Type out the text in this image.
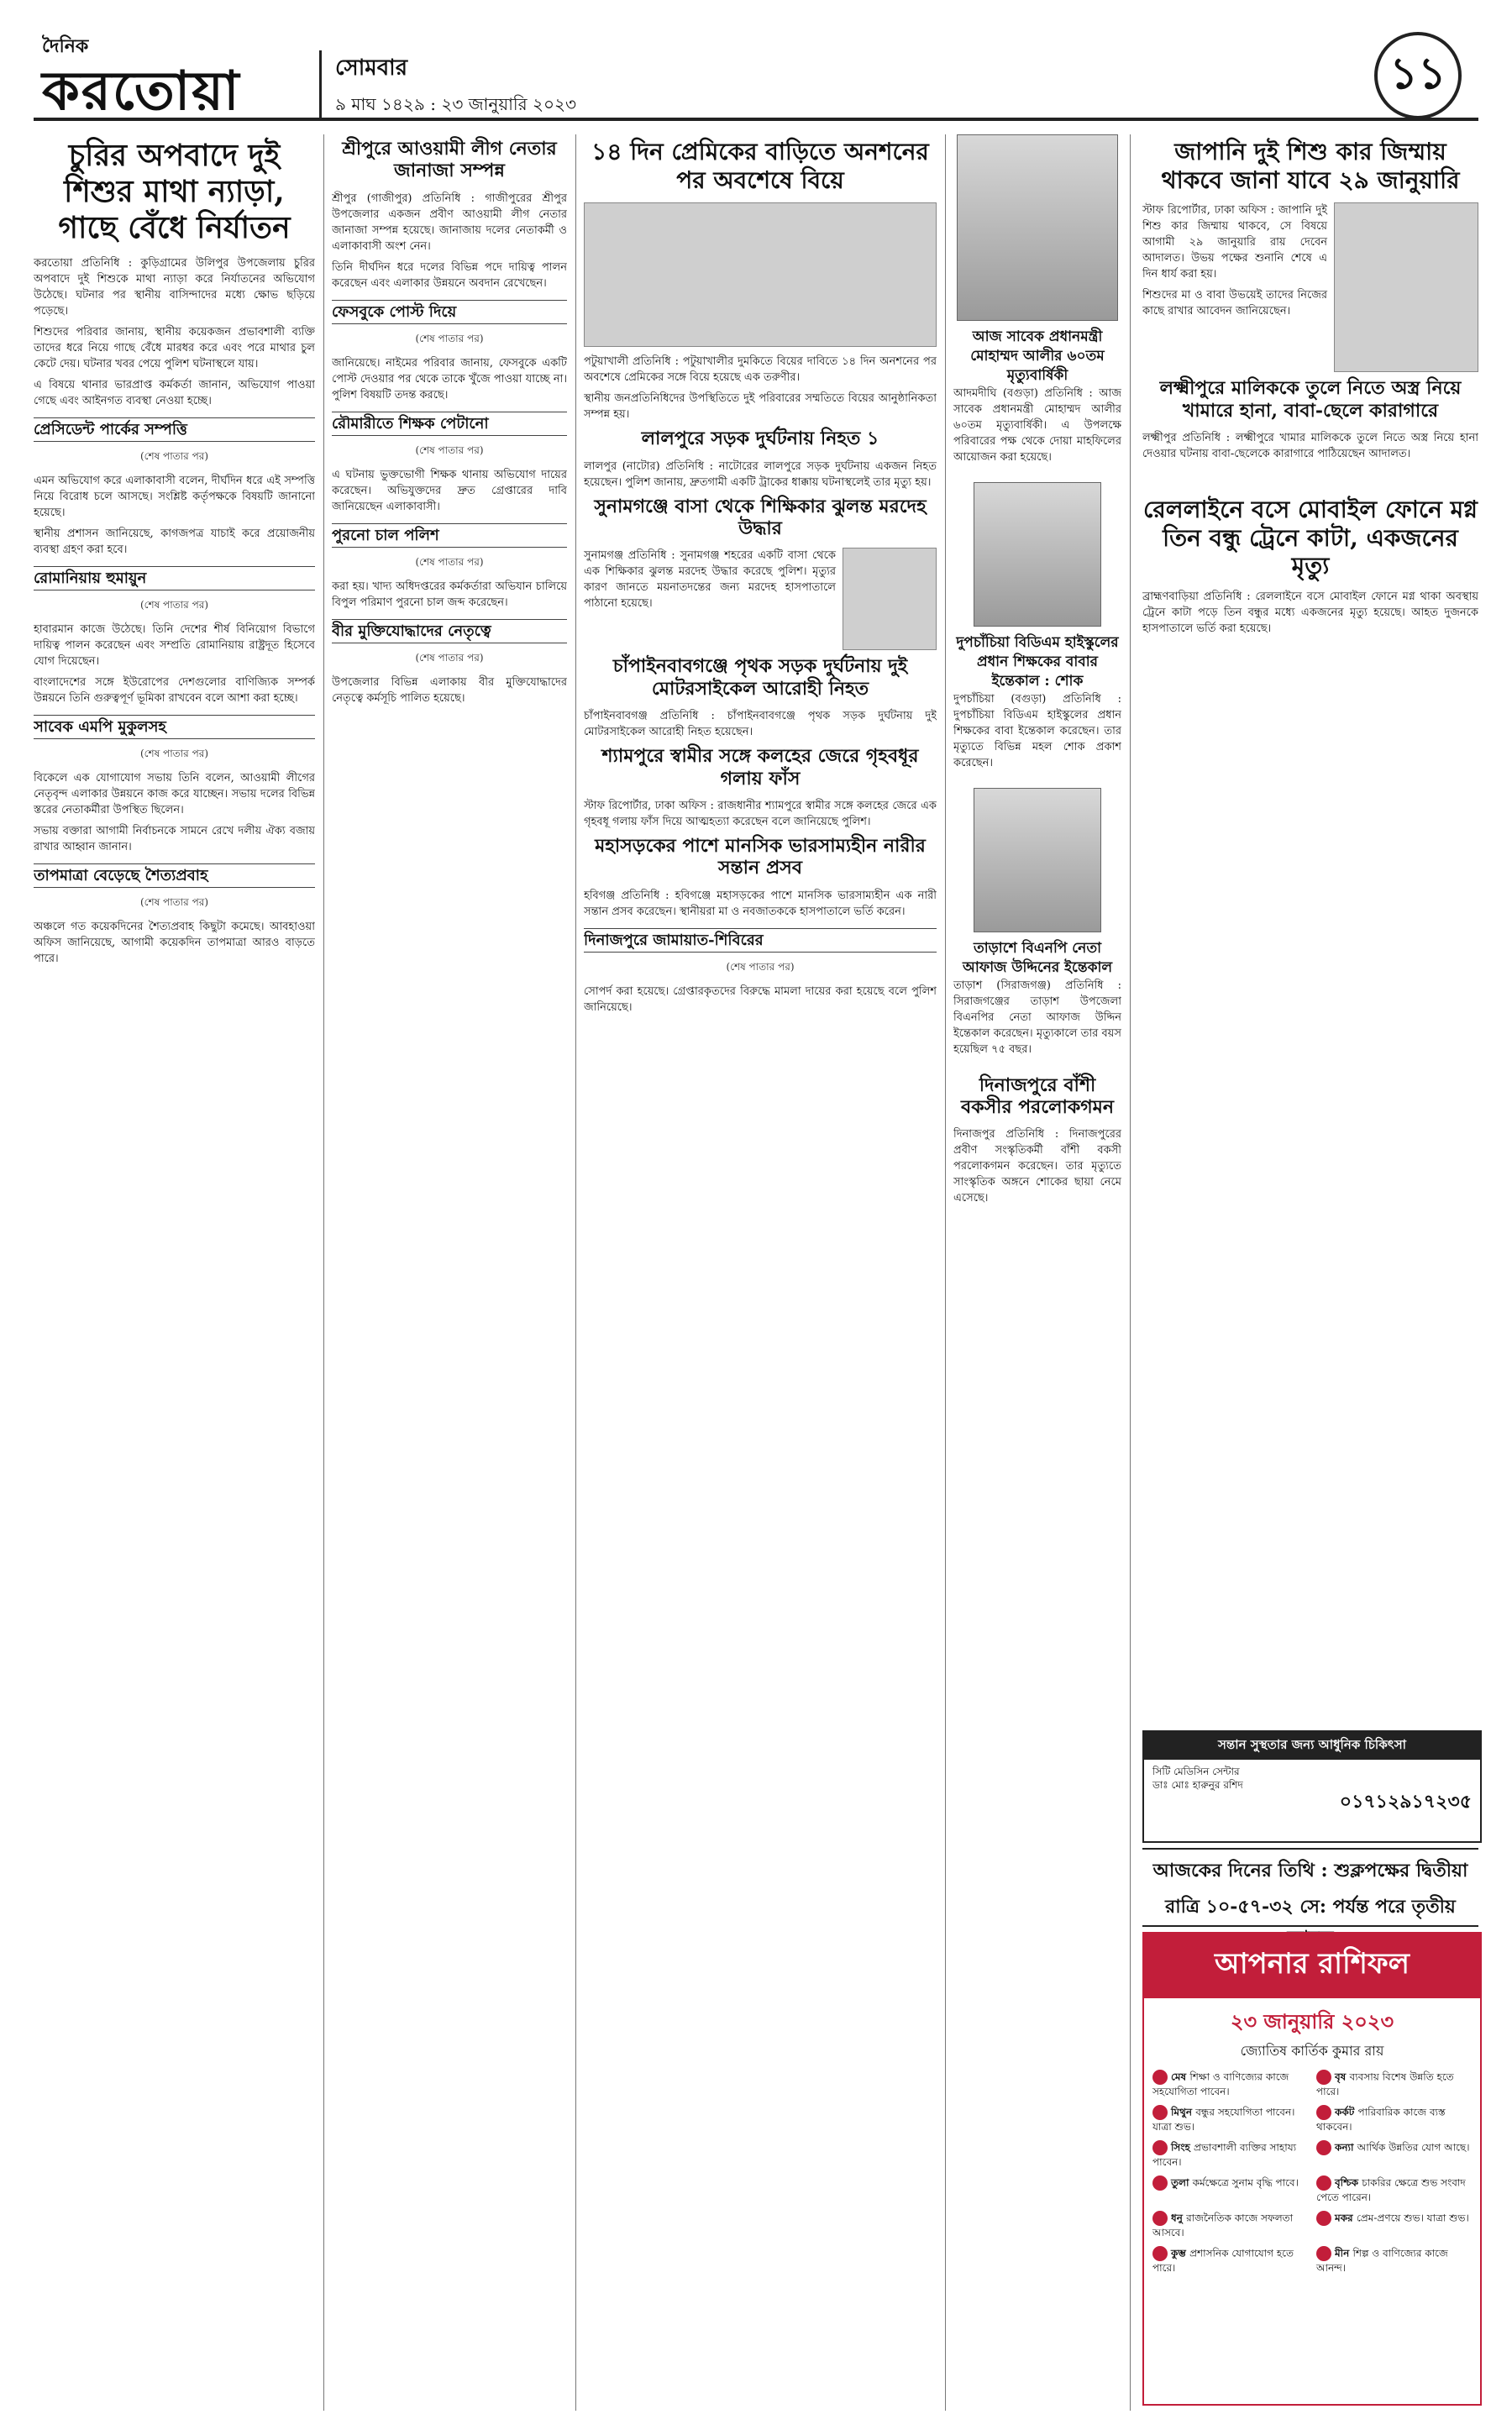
দৈনিক
করতোয়া	সোমবার
৯ মাঘ ১৪২৯ : ২৩ জানুয়ারি ২০২৩
১১
চুরির অপবাদে দুই শিশুর মাথা ন্যাড়া, গাছে বেঁধে নির্যাতন

করতোয়া প্রতিনিধি : কুড়িগ্রামের উলিপুর উপজেলায় চুরির অপবাদে দুই শিশুকে মাথা ন্যাড়া করে নির্যাতনের অভিযোগ উঠেছে। ঘটনার পর স্থানীয় বাসিন্দাদের মধ্যে ক্ষোভ ছড়িয়ে পড়েছে।

শিশুদের পরিবার জানায়, স্থানীয় কয়েকজন প্রভাবশালী ব্যক্তি তাদের ধরে নিয়ে গাছে বেঁধে মারধর করে এবং পরে মাথার চুল কেটে দেয়। ঘটনার খবর পেয়ে পুলিশ ঘটনাস্থলে যায়।

এ বিষয়ে থানার ভারপ্রাপ্ত কর্মকর্তা জানান, অভিযোগ পাওয়া গেছে এবং আইনগত ব্যবস্থা নেওয়া হচ্ছে।

প্রেসিডেন্ট পার্কের সম্পত্তি
(শেষ পাতার পর)

এমন অভিযোগ করে এলাকাবাসী বলেন, দীর্ঘদিন ধরে এই সম্পত্তি নিয়ে বিরোধ চলে আসছে। সংশ্লিষ্ট কর্তৃপক্ষকে বিষয়টি জানানো হয়েছে।

স্থানীয় প্রশাসন জানিয়েছে, কাগজপত্র যাচাই করে প্রয়োজনীয় ব্যবস্থা গ্রহণ করা হবে।

রোমানিয়ায় হুমায়ুন
(শেষ পাতার পর)

হাবারমান কাজে উঠেছে। তিনি দেশের শীর্ষ বিনিয়োগ বিভাগে দায়িত্ব পালন করেছেন এবং সম্প্রতি রোমানিয়ায় রাষ্ট্রদূত হিসেবে যোগ দিয়েছেন।

বাংলাদেশের সঙ্গে ইউরোপের দেশগুলোর বাণিজ্যিক সম্পর্ক উন্নয়নে তিনি গুরুত্বপূর্ণ ভূমিকা রাখবেন বলে আশা করা হচ্ছে।

সাবেক এমপি মুকুলসহ
(শেষ পাতার পর)

বিকেলে এক যোগাযোগ সভায় তিনি বলেন, আওয়ামী লীগের নেতৃবৃন্দ এলাকার উন্নয়নে কাজ করে যাচ্ছেন। সভায় দলের বিভিন্ন স্তরের নেতাকর্মীরা উপস্থিত ছিলেন।

সভায় বক্তারা আগামী নির্বাচনকে সামনে রেখে দলীয় ঐক্য বজায় রাখার আহ্বান জানান।

তাপমাত্রা বেড়েছে শৈত্যপ্রবাহ
(শেষ পাতার পর)

অঞ্চলে গত কয়েকদিনের শৈত্যপ্রবাহ কিছুটা কমেছে। আবহাওয়া অফিস জানিয়েছে, আগামী কয়েকদিন তাপমাত্রা আরও বাড়তে পারে।

শ্রীপুরে আওয়ামী লীগ নেতার জানাজা সম্পন্ন

শ্রীপুর (গাজীপুর) প্রতিনিধি : গাজীপুরের শ্রীপুর উপজেলার একজন প্রবীণ আওয়ামী লীগ নেতার জানাজা সম্পন্ন হয়েছে। জানাজায় দলের নেতাকর্মী ও এলাকাবাসী অংশ নেন।

তিনি দীর্ঘদিন ধরে দলের বিভিন্ন পদে দায়িত্ব পালন করেছেন এবং এলাকার উন্নয়নে অবদান রেখেছেন।

ফেসবুকে পোস্ট দিয়ে
(শেষ পাতার পর)

জানিয়েছে। নাইমের পরিবার জানায়, ফেসবুকে একটি পোস্ট দেওয়ার পর থেকে তাকে খুঁজে পাওয়া যাচ্ছে না। পুলিশ বিষয়টি তদন্ত করছে।

রৌমারীতে শিক্ষক পেটানো
(শেষ পাতার পর)

এ ঘটনায় ভুক্তভোগী শিক্ষক থানায় অভিযোগ দায়ের করেছেন। অভিযুক্তদের দ্রুত গ্রেপ্তারের দাবি জানিয়েছেন এলাকাবাসী।

পুরনো চাল পলিশ
(শেষ পাতার পর)

করা হয়। খাদ্য অধিদপ্তরের কর্মকর্তারা অভিযান চালিয়ে বিপুল পরিমাণ পুরনো চাল জব্দ করেছেন।

বীর মুক্তিযোদ্ধাদের নেতৃত্বে
(শেষ পাতার পর)

উপজেলার বিভিন্ন এলাকায় বীর মুক্তিযোদ্ধাদের নেতৃত্বে কর্মসূচি পালিত হয়েছে।

১৪ দিন প্রেমিকের বাড়িতে অনশনের পর অবশেষে বিয়ে

পটুয়াখালী প্রতিনিধি : পটুয়াখালীর দুমকিতে বিয়ের দাবিতে ১৪ দিন অনশনের পর অবশেষে প্রেমিকের সঙ্গে বিয়ে হয়েছে এক তরুণীর।

স্থানীয় জনপ্রতিনিধিদের উপস্থিতিতে দুই পরিবারের সম্মতিতে বিয়ের আনুষ্ঠানিকতা সম্পন্ন হয়।

লালপুরে সড়ক দুর্ঘটনায় নিহত ১

লালপুর (নাটোর) প্রতিনিধি : নাটোরের লালপুরে সড়ক দুর্ঘটনায় একজন নিহত হয়েছেন। পুলিশ জানায়, দ্রুতগামী একটি ট্রাকের ধাক্কায় ঘটনাস্থলেই তার মৃত্যু হয়।

সুনামগঞ্জে বাসা থেকে শিক্ষিকার ঝুলন্ত মরদেহ উদ্ধার

সুনামগঞ্জ প্রতিনিধি : সুনামগঞ্জ শহরের একটি বাসা থেকে এক শিক্ষিকার ঝুলন্ত মরদেহ উদ্ধার করেছে পুলিশ। মৃত্যুর কারণ জানতে ময়নাতদন্তের জন্য মরদেহ হাসপাতালে পাঠানো হয়েছে।

চাঁপাইনবাবগঞ্জে পৃথক সড়ক দুর্ঘটনায় দুই মোটরসাইকেল আরোহী নিহত

চাঁপাইনবাবগঞ্জ প্রতিনিধি : চাঁপাইনবাবগঞ্জে পৃথক সড়ক দুর্ঘটনায় দুই মোটরসাইকেল আরোহী নিহত হয়েছেন।

শ্যামপুরে স্বামীর সঙ্গে কলহের জেরে গৃহবধূর গলায় ফাঁস

স্টাফ রিপোর্টার, ঢাকা অফিস : রাজধানীর শ্যামপুরে স্বামীর সঙ্গে কলহের জেরে এক গৃহবধূ গলায় ফাঁস দিয়ে আত্মহত্যা করেছেন বলে জানিয়েছে পুলিশ।

মহাসড়কের পাশে মানসিক ভারসাম্যহীন নারীর সন্তান প্রসব

হবিগঞ্জ প্রতিনিধি : হবিগঞ্জে মহাসড়কের পাশে মানসিক ভারসাম্যহীন এক নারী সন্তান প্রসব করেছেন। স্থানীয়রা মা ও নবজাতককে হাসপাতালে ভর্তি করেন।

দিনাজপুরে জামায়াত-শিবিরের
(শেষ পাতার পর)

সোপর্দ করা হয়েছে। গ্রেপ্তারকৃতদের বিরুদ্ধে মামলা দায়ের করা হয়েছে বলে পুলিশ জানিয়েছে।

আজ সাবেক প্রধানমন্ত্রী মোহাম্মদ আলীর ৬০তম মৃত্যুবার্ষিকী

আদমদীঘি (বগুড়া) প্রতিনিধি : আজ সাবেক প্রধানমন্ত্রী মোহাম্মদ আলীর ৬০তম মৃত্যুবার্ষিকী। এ উপলক্ষে পরিবারের পক্ষ থেকে দোয়া মাহফিলের আয়োজন করা হয়েছে।

দুপচাঁচিয়া বিডিএম হাইস্কুলের প্রধান শিক্ষকের বাবার ইন্তেকাল : শোক

দুপচাঁচিয়া (বগুড়া) প্রতিনিধি : দুপচাঁচিয়া বিডিএম হাইস্কুলের প্রধান শিক্ষকের বাবা ইন্তেকাল করেছেন। তার মৃত্যুতে বিভিন্ন মহল শোক প্রকাশ করেছেন।

তাড়াশে বিএনপি নেতা আফাজ উদ্দিনের ইন্তেকাল

তাড়াশ (সিরাজগঞ্জ) প্রতিনিধি : সিরাজগঞ্জের তাড়াশ উপজেলা বিএনপির নেতা আফাজ উদ্দিন ইন্তেকাল করেছেন। মৃত্যুকালে তার বয়স হয়েছিল ৭৫ বছর।

দিনাজপুরে বাঁশী বকসীর পরলোকগমন

দিনাজপুর প্রতিনিধি : দিনাজপুরের প্রবীণ সংস্কৃতিকর্মী বাঁশী বকসী পরলোকগমন করেছেন। তার মৃত্যুতে সাংস্কৃতিক অঙ্গনে শোকের ছায়া নেমে এসেছে।

জাপানি দুই শিশু কার জিম্মায় থাকবে জানা যাবে ২৯ জানুয়ারি

স্টাফ রিপোর্টার, ঢাকা অফিস : জাপানি দুই শিশু কার জিম্মায় থাকবে, সে বিষয়ে আগামী ২৯ জানুয়ারি রায় দেবেন আদালত। উভয় পক্ষের শুনানি শেষে এ দিন ধার্য করা হয়।

শিশুদের মা ও বাবা উভয়েই তাদের নিজের কাছে রাখার আবেদন জানিয়েছেন।

লক্ষ্মীপুরে মালিককে তুলে নিতে অস্ত্র নিয়ে খামারে হানা, বাবা-ছেলে কারাগারে

লক্ষ্মীপুর প্রতিনিধি : লক্ষ্মীপুরে খামার মালিককে তুলে নিতে অস্ত্র নিয়ে হানা দেওয়ার ঘটনায় বাবা-ছেলেকে কারাগারে পাঠিয়েছেন আদালত।

রেললাইনে বসে মোবাইল ফোনে মগ্ন তিন বন্ধু ট্রেনে কাটা, একজনের মৃত্যু

ব্রাহ্মণবাড়িয়া প্রতিনিধি : রেললাইনে বসে মোবাইল ফোনে মগ্ন থাকা অবস্থায় ট্রেনে কাটা পড়ে তিন বন্ধুর মধ্যে একজনের মৃত্যু হয়েছে। আহত দুজনকে হাসপাতালে ভর্তি করা হয়েছে।

সন্তান সুস্থতার জন্য আধুনিক চিকিৎসা
সিটি মেডিসিন সেন্টার
ডাঃ মোঃ হারুনুর রশিদ
০১৭১২৯১৭২৩৫
আজকের দিনের তিথি : শুক্লপক্ষের দ্বিতীয়া
রাত্রি ১০-৫৭-৩২ সে: পর্যন্ত পরে তৃতীয়
আপনার রাশিফল
২৩ জানুয়ারি ২০২৩
জ্যোতিষ কার্তিক কুমার রায়
মেষ শিক্ষা ও বাণিজ্যের কাজে সহযোগিতা পাবেন।
বৃষ ব্যবসায় বিশেষ উন্নতি হতে পারে।
মিথুন বন্ধুর সহযোগিতা পাবেন। যাত্রা শুভ।
কর্কট পারিবারিক কাজে ব্যস্ত থাকবেন।
সিংহ প্রভাবশালী ব্যক্তির সাহায্য পাবেন।
কন্যা আর্থিক উন্নতির যোগ আছে।
তুলা কর্মক্ষেত্রে সুনাম বৃদ্ধি পাবে।	বৃশ্চিক চাকরির ক্ষেত্রে শুভ সংবাদ পেতে পারেন।
ধনু রাজনৈতিক কাজে সফলতা আসবে।
মকর প্রেম-প্রণয়ে শুভ। যাত্রা শুভ।
কুম্ভ প্রশাসনিক যোগাযোগ হতে পারে।
মীন শিল্প ও বাণিজ্যের কাজে আনন্দ।
